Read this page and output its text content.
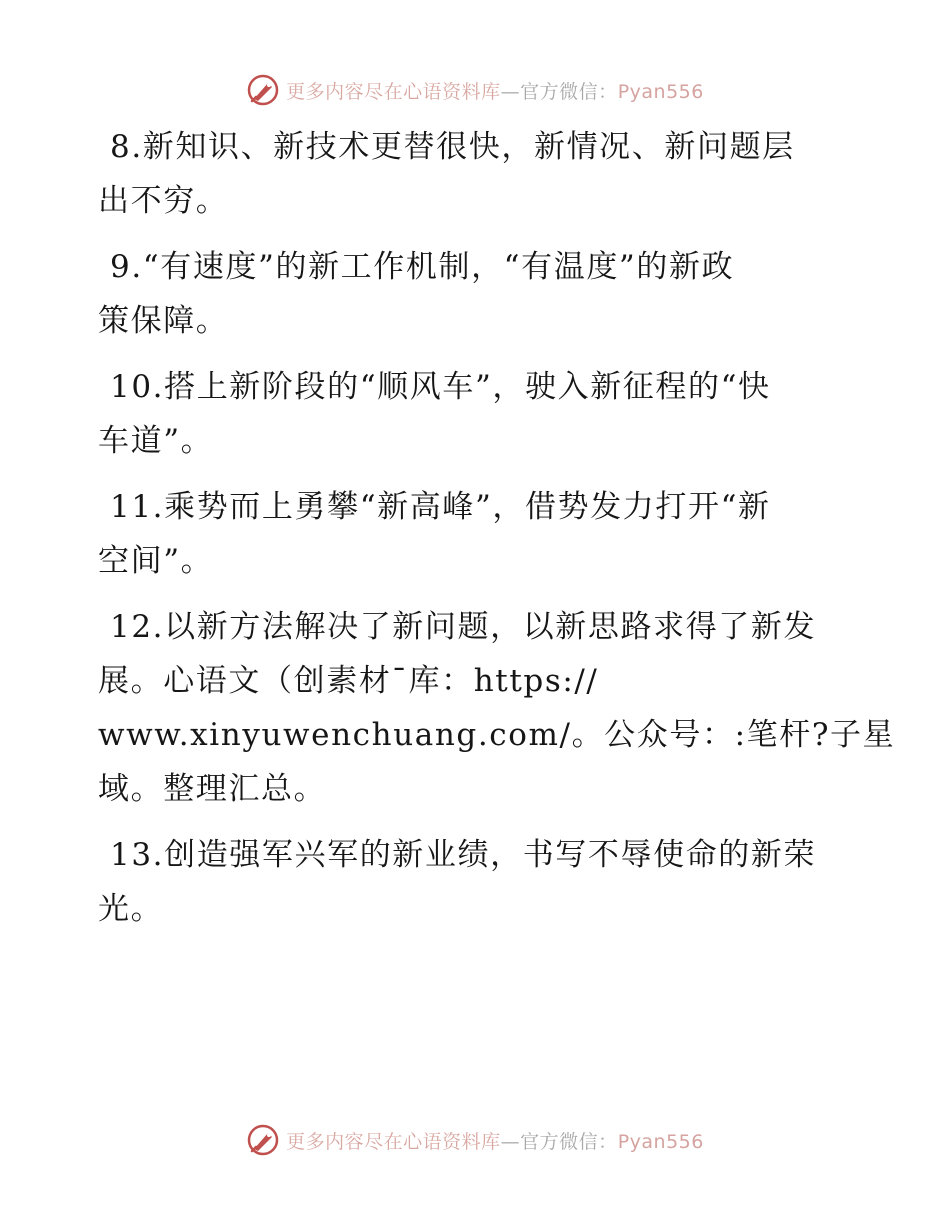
更多内容尽在心语资料库—官方微信：Pyan556
8.新知识、新技术更替很快，新情况、新问题层
出不穷。
9.“有速度”的新工作机制，“有温度”的新政
策保障。
10.搭上新阶段的“顺风车”，驶入新征程的“快
车道”。
11.乘势而上勇攀“新高峰”，借势发力打开“新
空间”。
12.以新方法解决了新问题，以新思路求得了新发
展。心语文（创素材¯库：https://
www.xinyuwenchuang.com/。公众号：:笔杆?子星
域。整理汇总。
13.创造强军兴军的新业绩，书写不辱使命的新荣
光。
更多内容尽在心语资料库—官方微信：Pyan556
